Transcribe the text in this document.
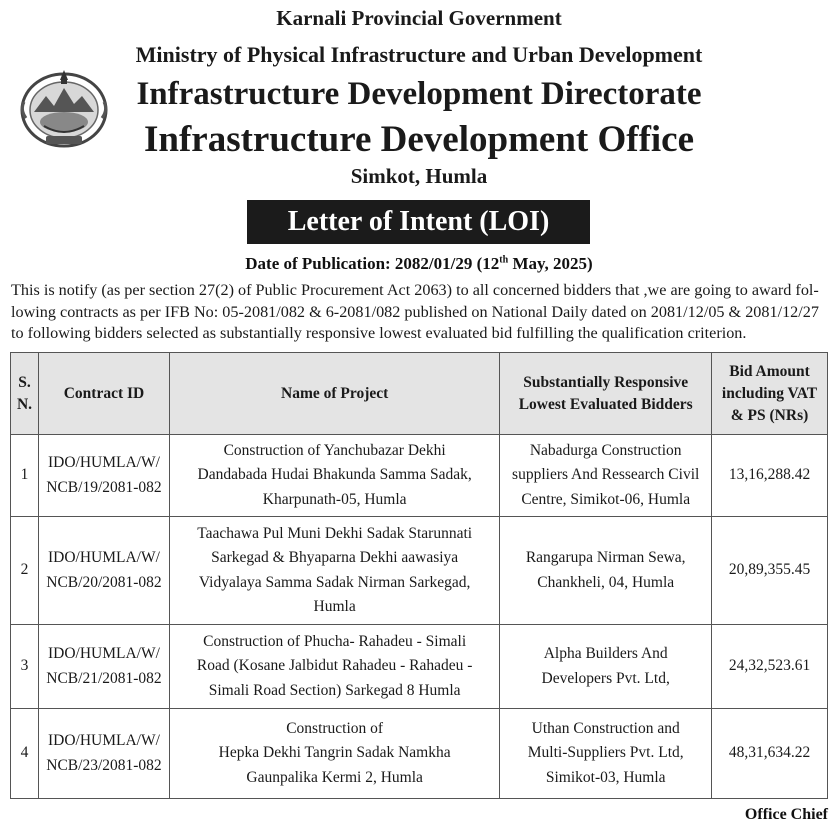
Karnali Provincial Government
Ministry of Physical Infrastructure and Urban Development
Infrastructure Development Directorate
Infrastructure Development Office
Simkot, Humla
Letter of Intent (LOI)
Date of Publication: 2082/01/29 (12th May, 2025)
This is notify (as per section 27(2) of Public Procurement Act 2063) to all concerned bidders that ,we are going to award fol-
lowing contracts as per IFB No: 05-2081/082 & 6-2081/082 published on National Daily dated on 2081/12/05 & 2081/12/27
to following bidders selected as substantially responsive lowest evaluated bid fulfilling the qualification criterion.
S.
N.	Contract ID	Name of Project	Substantially Responsive
Lowest Evaluated Bidders	Bid Amount
including VAT
& PS (NRs)
1	IDO/HUMLA/W/
NCB/19/2081-082	Construction of Yanchubazar Dekhi
Dandabada Hudai Bhakunda Samma Sadak,
Kharpunath-05, Humla	Nabadurga Construction
suppliers And Ressearch Civil
Centre, Simikot-06, Humla	13,16,288.42
2	IDO/HUMLA/W/
NCB/20/2081-082	Taachawa Pul Muni Dekhi Sadak Starunnati
Sarkegad & Bhyaparna Dekhi aawasiya
Vidyalaya Samma Sadak Nirman Sarkegad,
Humla	Rangarupa Nirman Sewa,
Chankheli, 04, Humla	20,89,355.45
3	IDO/HUMLA/W/
NCB/21/2081-082	Construction of Phucha- Rahadeu - Simali
Road (Kosane Jalbidut Rahadeu - Rahadeu -
Simali Road Section) Sarkegad 8 Humla	Alpha Builders And
Developers Pvt. Ltd,	24,32,523.61
4	IDO/HUMLA/W/
NCB/23/2081-082	Construction of
Hepka Dekhi Tangrin Sadak Namkha
Gaunpalika Kermi 2, Humla	Uthan Construction and
Multi-Suppliers Pvt. Ltd,
Simikot-03, Humla	48,31,634.22
Office Chief
